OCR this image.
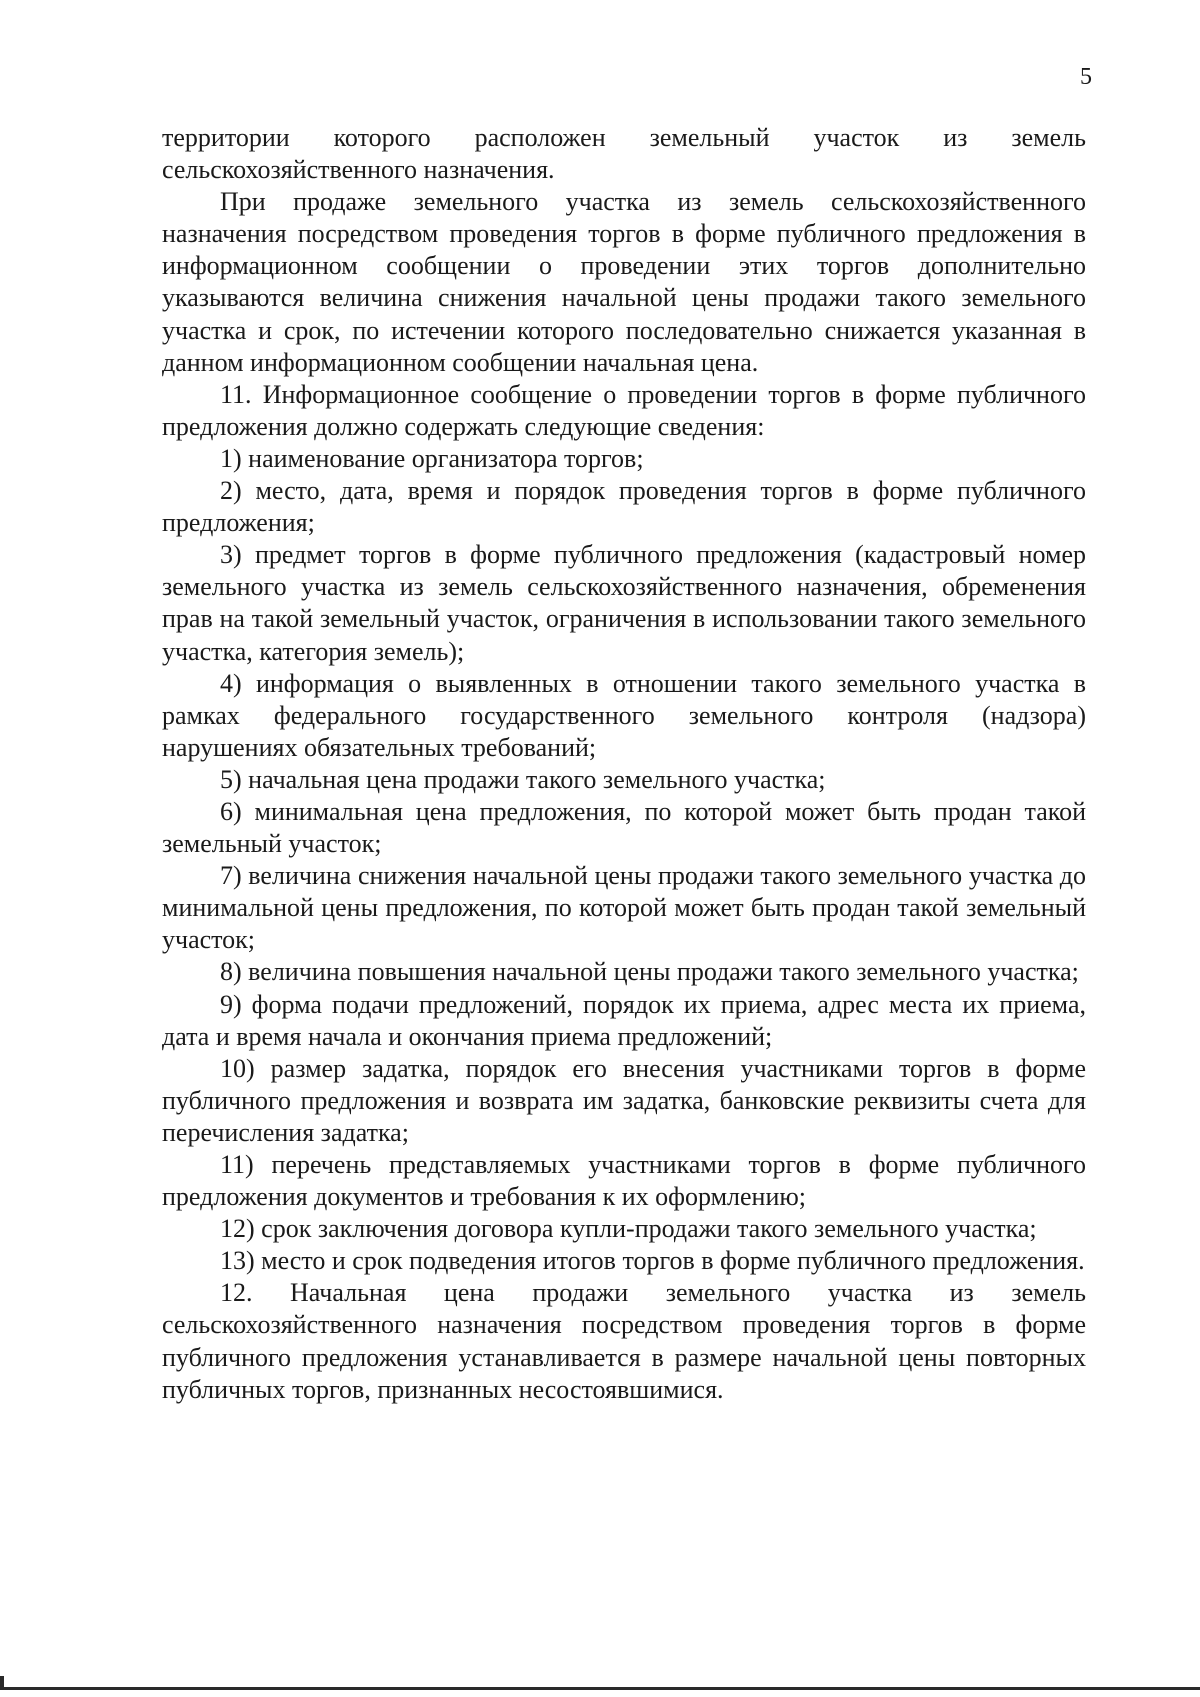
5

территории которого расположен земельный участок из земель сельскохозяйственного назначения.

При продаже земельного участка из земель сельскохозяйственного назначения посредством проведения торгов в форме публичного предложения в информационном сообщении о проведении этих торгов дополнительно указываются величина снижения начальной цены продажи такого земельного участка и срок, по истечении которого последовательно снижается указанная в данном информационном сообщении начальная цена.

11. Информационное сообщение о проведении торгов в форме публичного предложения должно содержать следующие сведения:

1) наименование организатора торгов;

2) место, дата, время и порядок проведения торгов в форме публичного предложения;

3) предмет торгов в форме публичного предложения (кадастровый номер земельного участка из земель сельскохозяйственного назначения, обременения прав на такой земельный участок, ограничения в использовании такого земельного участка, категория земель);

4) информация о выявленных в отношении такого земельного участка в рамках федерального государственного земельного контроля (надзора) нарушениях обязательных требований;

5) начальная цена продажи такого земельного участка;

6) минимальная цена предложения, по которой может быть продан такой земельный участок;

7) величина снижения начальной цены продажи такого земельного участка до минимальной цены предложения, по которой может быть продан такой земельный участок;

8) величина повышения начальной цены продажи такого земельного участка;

9) форма подачи предложений, порядок их приема, адрес места их приема, дата и время начала и окончания приема предложений;

10) размер задатка, порядок его внесения участниками торгов в форме публичного предложения и возврата им задатка, банковские реквизиты счета для перечисления задатка;

11) перечень представляемых участниками торгов в форме публичного предложения документов и требования к их оформлению;

12) срок заключения договора купли-продажи такого земельного участка;

13) место и срок подведения итогов торгов в форме публичного предложения.

12. Начальная цена продажи земельного участка из земель сельскохозяйственного назначения посредством проведения торгов в форме публичного предложения устанавливается в размере начальной цены повторных публичных торгов, признанных несостоявшимися.
